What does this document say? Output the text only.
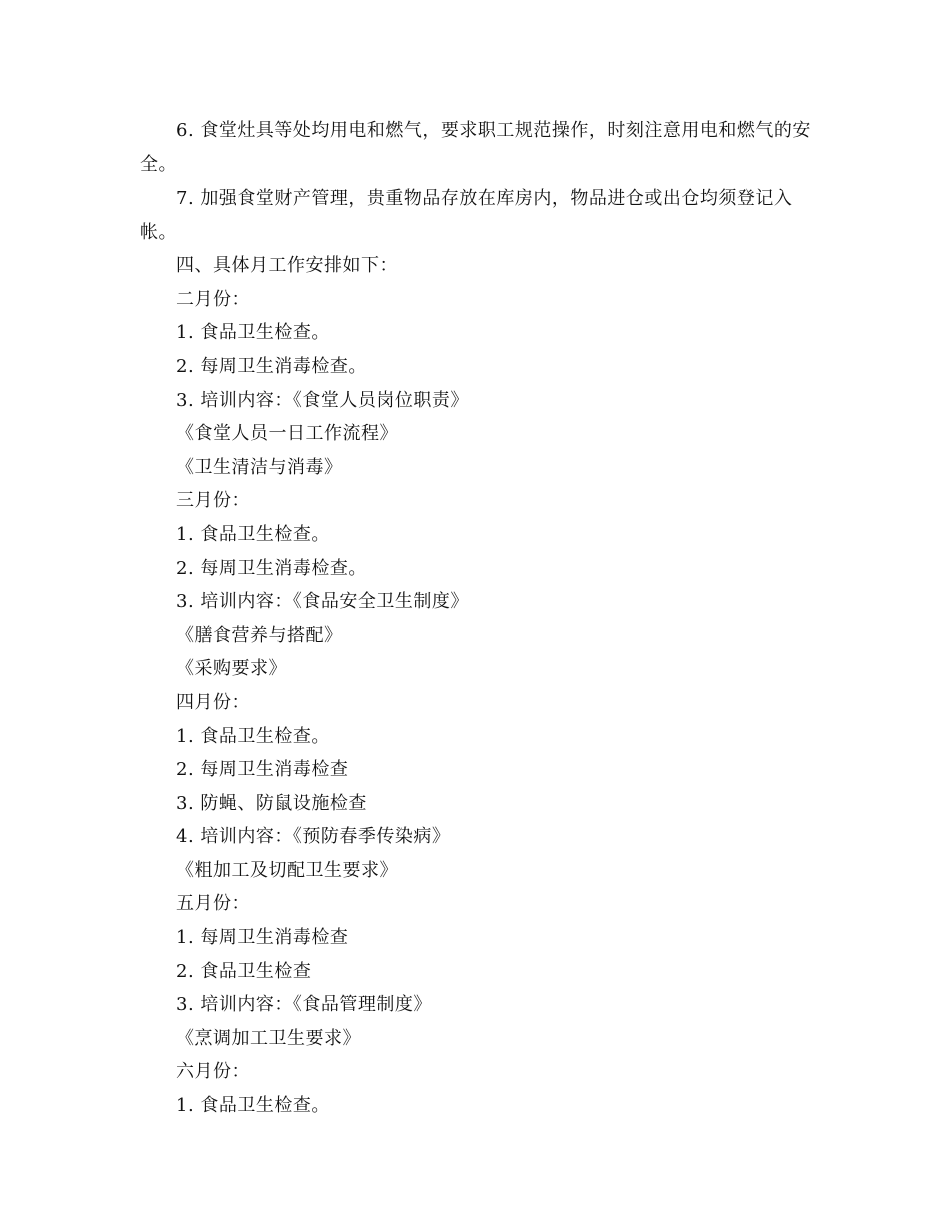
6. 食堂灶具等处均用电和燃气，要求职工规范操作，时刻注意用电和燃气的安全。

7. 加强食堂财产管理，贵重物品存放在库房内，物品进仓或出仓均须登记入帐。

四、具体月工作安排如下：

二月份：

1. 食品卫生检查。

2. 每周卫生消毒检查。

3. 培训内容：《食堂人员岗位职责》

《食堂人员一日工作流程》

《卫生清洁与消毒》

三月份：

1. 食品卫生检查。

2. 每周卫生消毒检查。

3. 培训内容：《食品安全卫生制度》

《膳食营养与搭配》

《采购要求》

四月份：

1. 食品卫生检查。

2. 每周卫生消毒检查

3. 防蝇、防鼠设施检查

4. 培训内容：《预防春季传染病》

《粗加工及切配卫生要求》

五月份：

1. 每周卫生消毒检查

2. 食品卫生检查

3. 培训内容：《食品管理制度》

《烹调加工卫生要求》

六月份：

1. 食品卫生检查。
